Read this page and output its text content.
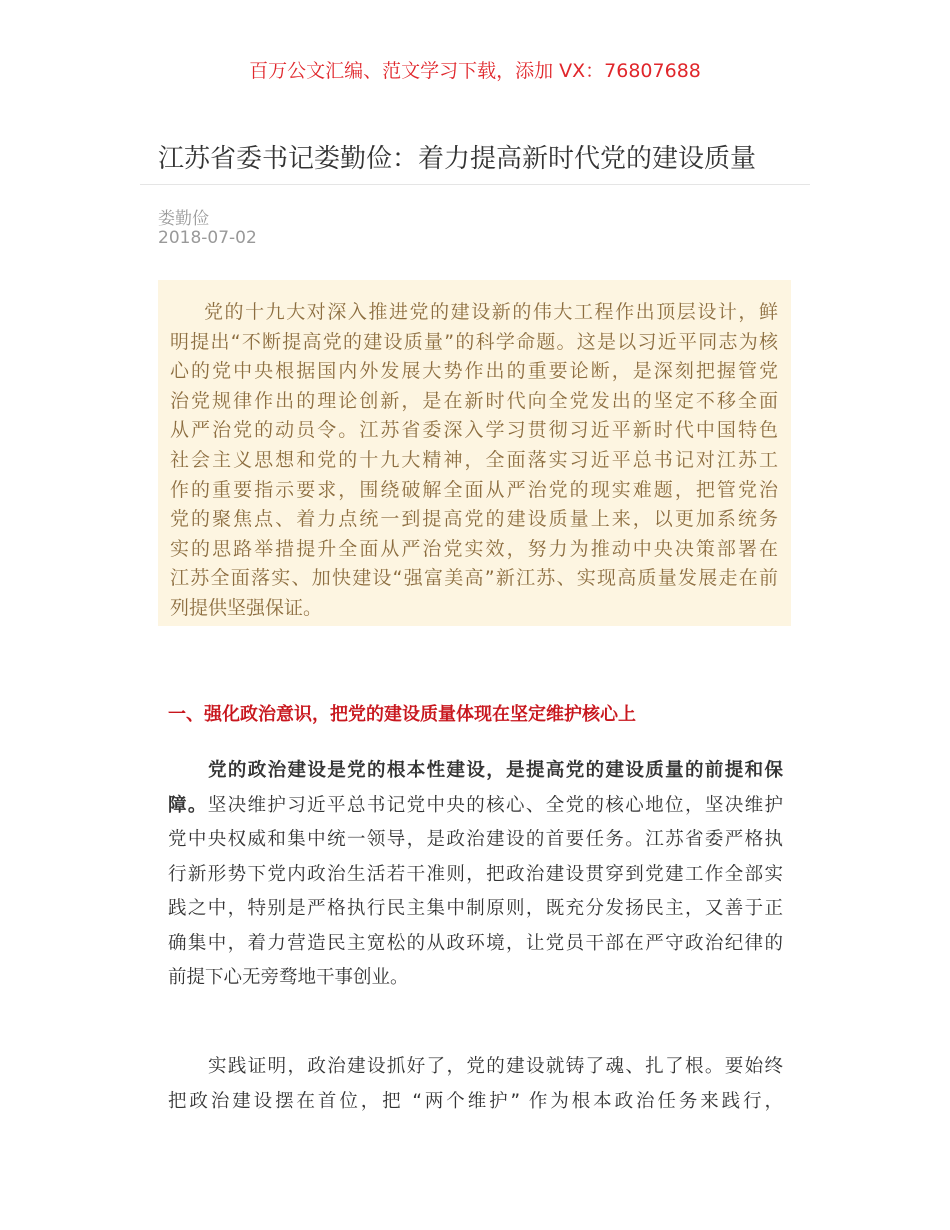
百万公文汇编、范文学习下载，添加 VX：76807688
江苏省委书记娄勤俭：着力提高新时代党的建设质量
娄勤俭
2018-07-02
党的十九大对深入推进党的建设新的伟大工程作出顶层设计，鲜
明提出“不断提高党的建设质量”的科学命题。这是以习近平同志为核
心的党中央根据国内外发展大势作出的重要论断，是深刻把握管党
治党规律作出的理论创新，是在新时代向全党发出的坚定不移全面
从严治党的动员令。江苏省委深入学习贯彻习近平新时代中国特色
社会主义思想和党的十九大精神，全面落实习近平总书记对江苏工
作的重要指示要求，围绕破解全面从严治党的现实难题，把管党治
党的聚焦点、着力点统一到提高党的建设质量上来，以更加系统务
实的思路举措提升全面从严治党实效，努力为推动中央决策部署在
江苏全面落实、加快建设“强富美高”新江苏、实现高质量发展走在前
列提供坚强保证。
一、强化政治意识，把党的建设质量体现在坚定维护核心上
党的政治建设是党的根本性建设，是提高党的建设质量的前提和保
障。坚决维护习近平总书记党中央的核心、全党的核心地位，坚决维护
党中央权威和集中统一领导，是政治建设的首要任务。江苏省委严格执
行新形势下党内政治生活若干准则，把政治建设贯穿到党建工作全部实
践之中，特别是严格执行民主集中制原则，既充分发扬民主，又善于正
确集中，着力营造民主宽松的从政环境，让党员干部在严守政治纪律的
前提下心无旁骛地干事创业。
实践证明，政治建设抓好了，党的建设就铸了魂、扎了根。要始终
把政治建设摆在首位，把 “两个维护” 作为根本政治任务来践行，
